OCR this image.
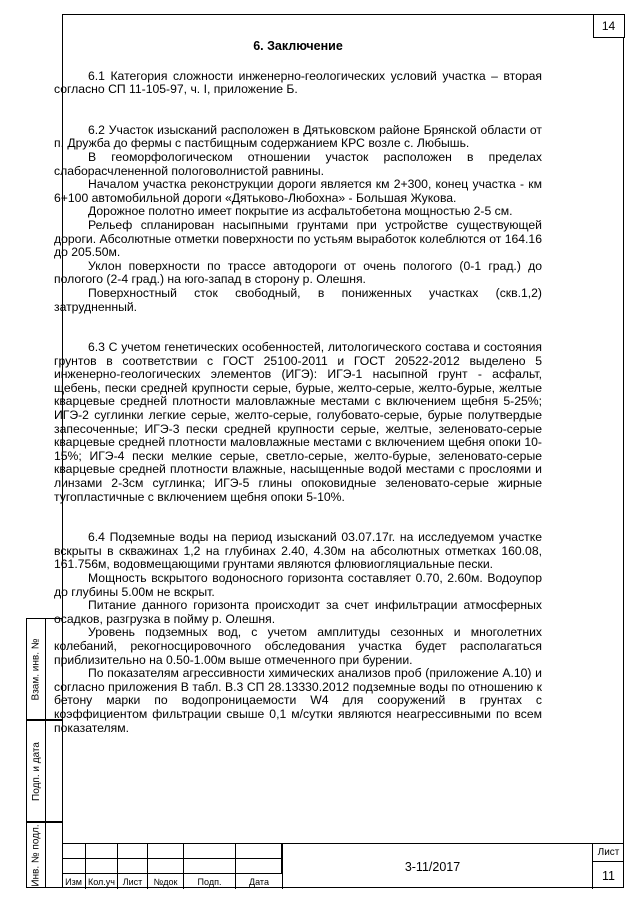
14
6. Заключение
6.1 Категория сложности инженерно-геологических условий участка – вторая согласно СП 11-105-97, ч. I, приложение Б.
6.2 Участок изысканий расположен в Дятьковском районе Брянской области от п. Дружба до фермы с пастбищным содержанием КРС возле с. Любышь.
В геоморфологическом отношении участок расположен в пределах слаборасчлененной пологоволнистой равнины.
Началом участка реконструкции дороги является км 2+300, конец участка - км 6+100 автомобильной дороги «Дятьково-Любохна» - Большая Жукова.
Дорожное полотно имеет покрытие из асфальтобетона мощностью 2-5 см.
Рельеф спланирован насыпными грунтами при устройстве существующей дороги. Абсолютные отметки поверхности по устьям выработок колеблются от 164.16 до 205.50м.
Уклон поверхности по трассе автодороги от очень пологого (0-1 град.) до пологого (2-4 град.) на юго-запад в сторону р. Олешня.
Поверхностный сток свободный, в пониженных участках (скв.1,2) затрудненный.
6.3 С учетом генетических особенностей, литологического состава и состояния грунтов в соответствии с ГОСТ 25100-2011 и ГОСТ 20522-2012 выделено 5 инженерно-геологических элементов (ИГЭ): ИГЭ-1 насыпной грунт - асфальт, щебень, пески средней крупности серые, бурые, желто-серые, желто-бурые, желтые кварцевые средней плотности маловлажные местами с включением щебня 5-25%; ИГЭ-2 суглинки легкие серые, желто-серые, голубовато-серые, бурые полутвердые запесоченные; ИГЭ-3 пески средней крупности серые, желтые, зеленовато-серые кварцевые средней плотности маловлажные местами с включением щебня опоки 10-15%; ИГЭ-4 пески мелкие серые, светло-серые, желто-бурые, зеленовато-серые кварцевые средней плотности влажные, насыщенные водой местами с прослоями и линзами 2-3см суглинка; ИГЭ-5 глины опоковидные зеленовато-серые жирные тугопластичные с включением щебня опоки 5-10%.
6.4 Подземные воды на период изысканий 03.07.17г. на исследуемом участке вскрыты в скважинах 1,2 на глубинах 2.40, 4.30м на абсолютных отметках 160.08, 161.756м, водовмещающими грунтами являются флювиогляциальные пески.
Мощность вскрытого водоносного горизонта составляет 0.70, 2.60м. Водоупор до глубины 5.00м не вскрыт.
Питание данного горизонта происходит за счет инфильтрации атмосферных осадков, разгрузка в пойму р. Олешня.
Уровень подземных вод, с учетом амплитуды сезонных и многолетних колебаний, рекогносцировочного обследования участка будет располагаться приблизительно на 0.50-1.00м выше отмеченного при бурении.
По показателям агрессивности химических анализов проб (приложение А.10) и согласно приложения В табл. В.3 СП 28.13330.2012 подземные воды по отношению к бетону марки по водопроницаемости W4 для сооружений в грунтах с коэффициентом фильтрации свыше 0,1 м/сутки являются неагрессивными по всем показателям.
Взам. инв. №
Подп. и дата
Инв. № подл.	Изм Кол.уч Лист	№док	Подп.	Дата
3-11/2017
Лист
11
